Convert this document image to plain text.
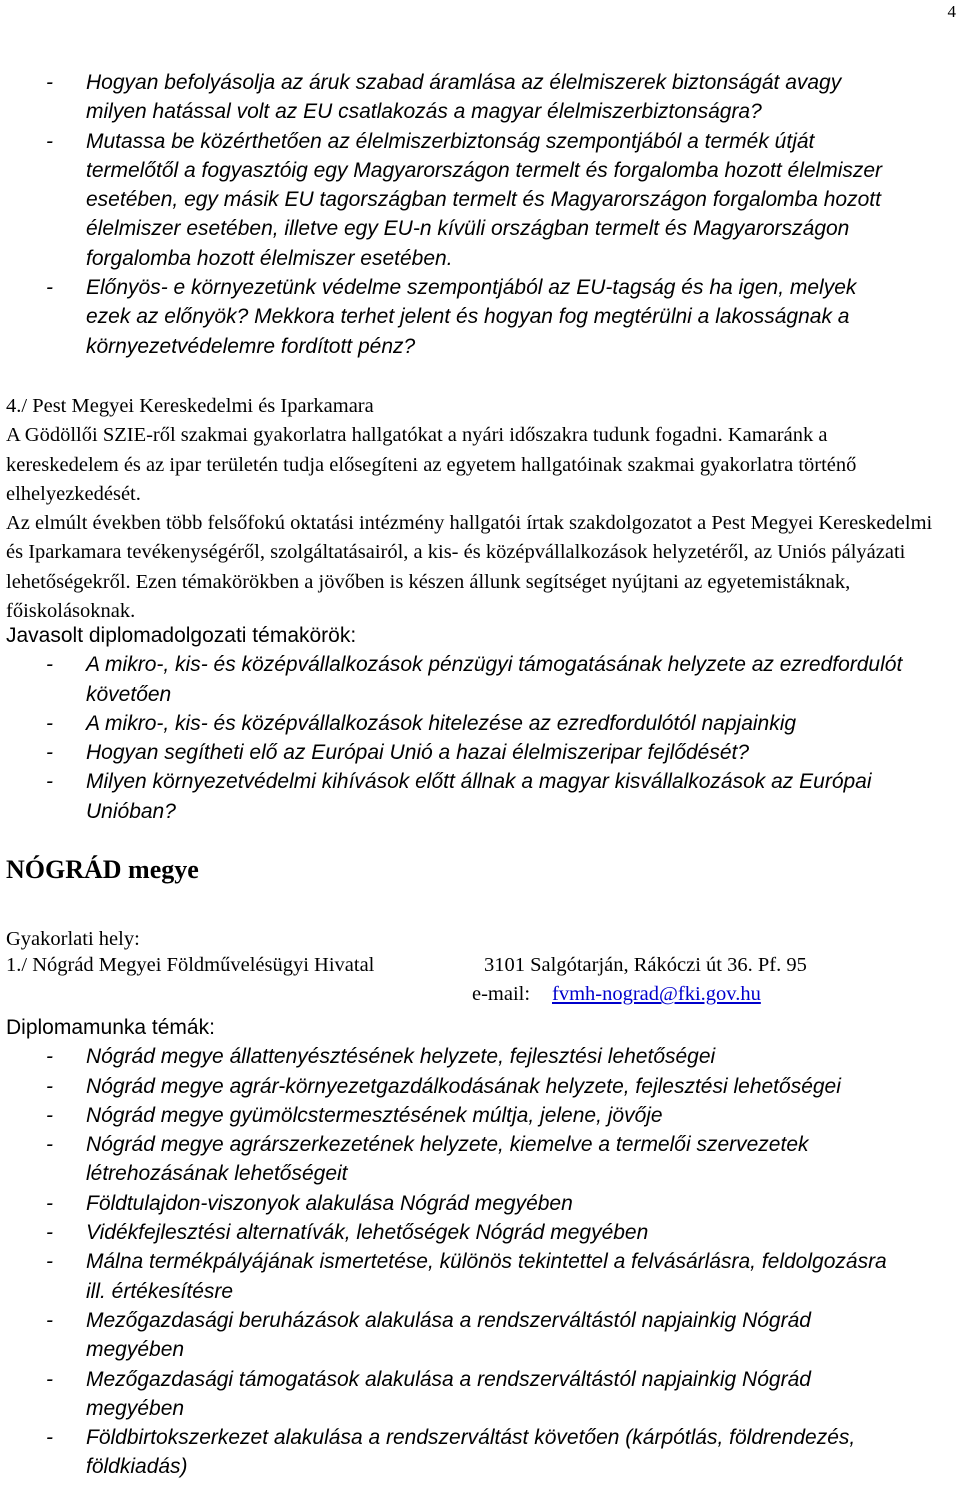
4
- Hogyan befolyásolja az áruk szabad áramlása az élelmiszerek biztonságát avagy milyen hatással volt az EU csatlakozás a magyar élelmiszerbiztonságra?
- Mutassa be közérthetően az élelmiszerbiztonság szempontjából a termék útját termelőtől a fogyasztóig egy Magyarországon termelt és forgalomba hozott élelmiszer esetében, egy másik EU tagországban termelt és Magyarországon forgalomba hozott élelmiszer esetében, illetve egy EU-n kívüli országban termelt és Magyarországon forgalomba hozott élelmiszer esetében.
- Előnyös- e környezetünk védelme szempontjából az EU-tagság és ha igen, melyek ezek az előnyök? Mekkora terhet jelent és hogyan fog megtérülni a lakosságnak a környezetvédelemre fordított pénz?

4./ Pest Megyei Kereskedelmi és Iparkamara

A Gödöllői SZIE-ről szakmai gyakorlatra hallgatókat a nyári időszakra tudunk fogadni. Kamaránk a kereskedelem és az ipar területén tudja elősegíteni az egyetem hallgatóinak szakmai gyakorlatra történő elhelyezkedését.

Az elmúlt években több felsőfokú oktatási intézmény hallgatói írtak szakdolgozatot a Pest Megyei Kereskedelmi és Iparkamara tevékenységéről, szolgáltatásairól, a kis- és középvállalkozások helyzetéről, az Uniós pályázati lehetőségekről. Ezen témakörökben a jövőben is készen állunk segítséget nyújtani az egyetemistáknak, főiskolásoknak.

Javasolt diplomadolgozati témakörök:

- A mikro-, kis- és középvállalkozások pénzügyi támogatásának helyzete az ezredfordulót követően
- A mikro-, kis- és középvállalkozások hitelezése az ezredfordulótól napjainkig
- Hogyan segítheti elő az Európai Unió a hazai élelmiszeripar fejlődését?
- Milyen környezetvédelmi kihívások előtt állnak a magyar kisvállalkozások az Európai Unióban?
NÓGRÁD megye

Gyakorlati hely:

1./ Nógrád Megyei Földművelésügyi Hivatal	3101 Salgótarján, Rákóczi út 36. Pf. 95
e-mail: fvmh-nograd@fki.gov.hu

Diplomamunka témák:

- Nógrád megye állattenyésztésének helyzete, fejlesztési lehetőségei
- Nógrád megye agrár-környezetgazdálkodásának helyzete, fejlesztési lehetőségei
- Nógrád megye gyümölcstermesztésének múltja, jelene, jövője
- Nógrád megye agrárszerkezetének helyzete, kiemelve a termelői szervezetek létrehozásának lehetőségeit
- Földtulajdon-viszonyok alakulása Nógrád megyében
- Vidékfejlesztési alternatívák, lehetőségek Nógrád megyében
- Málna termékpályájának ismertetése, különös tekintettel a felvásárlásra, feldolgozásra ill. értékesítésre
- Mezőgazdasági beruházások alakulása a rendszerváltástól napjainkig Nógrád megyében
- Mezőgazdasági támogatások alakulása a rendszerváltástól napjainkig Nógrád megyében
- Földbirtokszerkezet alakulása a rendszerváltást követően (kárpótlás, földrendezés, földkiadás)
